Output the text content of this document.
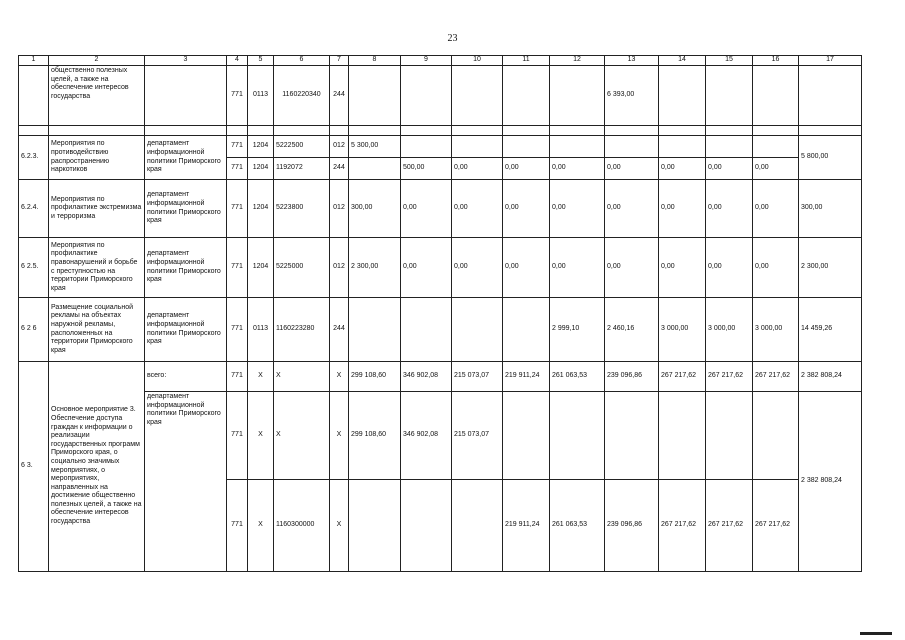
23
1	2	3	4	5	6	7	8	9	10	11	12	13	14	15	16	17
	общественно полезных целей, а также на обеспечение интересов государства		771	0113	1160220340	244						6 393,00				

6.2.3.	Мероприятия по противодействию распространению наркотиков	департамент информационной политики Приморского края	771	1204	5222500	012	5 300,00									5 800,00
			771	1204	1192072	244		500,00	0,00	0,00	0,00	0,00	0,00	0,00	0,00	
6.2.4.	Мероприятия по профилактике экстремизма и терроризма	департамент информационной политики Приморского края	771	1204	5223800	012	300,00	0,00	0,00	0,00	0,00	0,00	0,00	0,00	0,00	300,00
6 2.5.	Мероприятия по профилактике правонарушений и борьбе с преступностью на территории Приморского края	департамент информационной политики Приморского края	771	1204	5225000	012	2 300,00	0,00	0,00	0,00	0,00	0,00	0,00	0,00	0,00	2 300,00
6 2 6	Размещение социальной рекламы на объектах наружной рекламы, расположенных на территории Приморского края	департамент информационной политики Приморского края	771	0113	1160223280	244					2 999,10	2 460,16	3 000,00	3 000,00	3 000,00	14 459,26
6 3.	Основное мероприятие 3. Обеспечение доступа граждан к информации о реализации государственных программ Приморского края, о социально значимых мероприятиях, о мероприятиях, направленных на достижение общественно полезных целей, а также на обеспечение интересов государства	всего:	771	X	X	X	299 108,60	346 902,08	215 073,07	219 911,24	261 063,53	239 096,86	267 217,62	267 217,62	267 217,62	2 382 808,24
		департамент информационной политики Приморского края	771	X	X	X	299 108,60	346 902,08	215 073,07							2 382 808,24
			771	X	1160300000	X				219 911,24	261 063,53	239 096,86	267 217,62	267 217,62	267 217,62	
